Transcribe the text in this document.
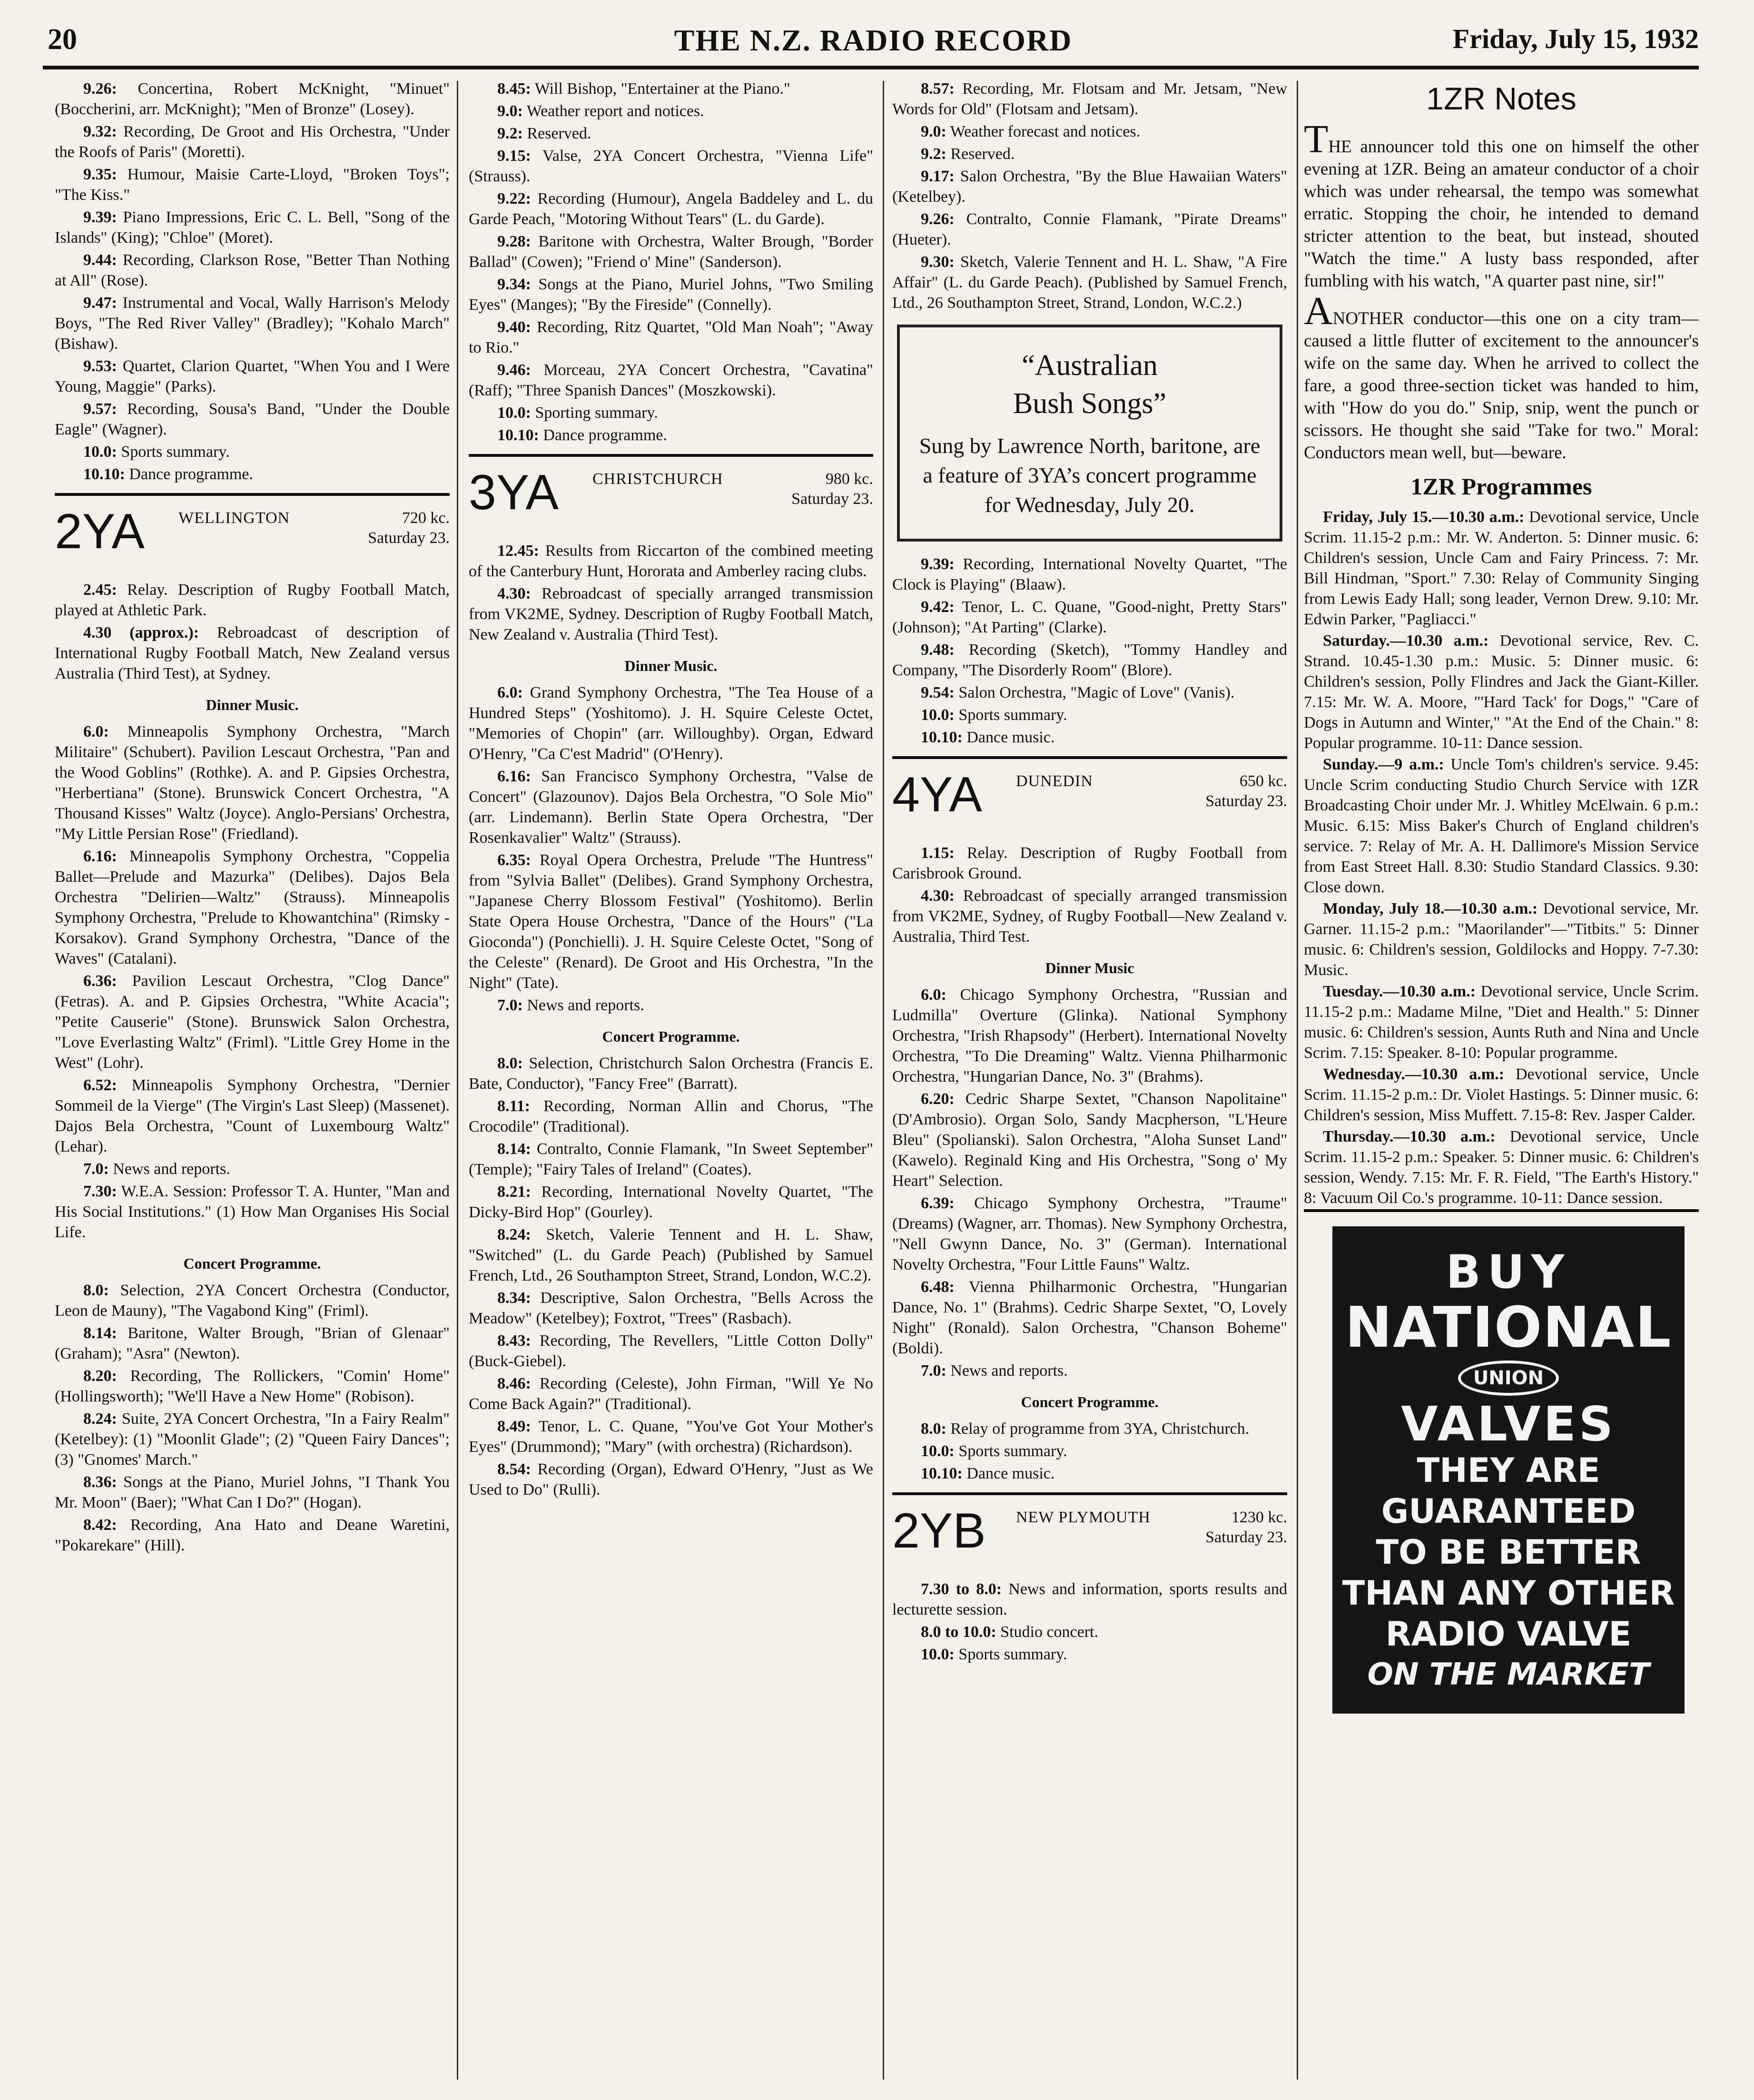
20	THE N.Z. RADIO RECORD	Friday, July 15, 1932

9.26: Concertina, Robert McKnight, "Minuet" (Boccherini, arr. McKnight); "Men of Bronze" (Losey).

9.32: Recording, De Groot and His Orchestra, "Under the Roofs of Paris" (Moretti).

9.35: Humour, Maisie Carte-Lloyd, "Broken Toys"; "The Kiss."

9.39: Piano Impressions, Eric C. L. Bell, "Song of the Islands" (King); "Chloe" (Moret).

9.44: Recording, Clarkson Rose, "Better Than Nothing at All" (Rose).

9.47: Instrumental and Vocal, Wally Harrison's Melody Boys, "The Red River Valley" (Bradley); "Kohalo March" (Bishaw).

9.53: Quartet, Clarion Quartet, "When You and I Were Young, Maggie" (Parks).

9.57: Recording, Sousa's Band, "Under the Double Eagle" (Wagner).

10.0: Sports summary.

10.10: Dance programme.

2YA WELLINGTON	720 kc.
Saturday 23.

2.45: Relay. Description of Rugby Football Match, played at Athletic Park.

4.30 (approx.): Rebroadcast of description of International Rugby Football Match, New Zealand versus Australia (Third Test), at Sydney.

Dinner Music.

6.0: Minneapolis Symphony Orchestra, "March Militaire" (Schubert). Pavilion Lescaut Orchestra, "Pan and the Wood Goblins" (Rothke). A. and P. Gipsies Orchestra, "Herbertiana" (Stone). Brunswick Concert Orchestra, "A Thousand Kisses" Waltz (Joyce). Anglo-Persians' Orchestra, "My Little Persian Rose" (Friedland).

6.16: Minneapolis Symphony Orchestra, "Coppelia Ballet—Prelude and Mazurka" (Delibes). Dajos Bela Orchestra "Delirien—Waltz" (Strauss). Minneapolis Symphony Orchestra, "Prelude to Khowantchina" (Rimsky - Korsakov). Grand Symphony Orchestra, "Dance of the Waves" (Catalani).

6.36: Pavilion Lescaut Orchestra, "Clog Dance" (Fetras). A. and P. Gipsies Orchestra, "White Acacia"; "Petite Causerie" (Stone). Brunswick Salon Orchestra, "Love Everlasting Waltz" (Friml). "Little Grey Home in the West" (Lohr).

6.52: Minneapolis Symphony Orchestra, "Dernier Sommeil de la Vierge" (The Virgin's Last Sleep) (Massenet). Dajos Bela Orchestra, "Count of Luxembourg Waltz" (Lehar).

7.0: News and reports.

7.30: W.E.A. Session: Professor T. A. Hunter, "Man and His Social Institutions." (1) How Man Organises His Social Life.

Concert Programme.

8.0: Selection, 2YA Concert Orchestra (Conductor, Leon de Mauny), "The Vagabond King" (Friml).

8.14: Baritone, Walter Brough, "Brian of Glenaar" (Graham); "Asra" (Newton).

8.20: Recording, The Rollickers, "Comin' Home" (Hollingsworth); "We'll Have a New Home" (Robison).

8.24: Suite, 2YA Concert Orchestra, "In a Fairy Realm" (Ketelbey): (1) "Moonlit Glade"; (2) "Queen Fairy Dances"; (3) "Gnomes' March."

8.36: Songs at the Piano, Muriel Johns, "I Thank You Mr. Moon" (Baer); "What Can I Do?" (Hogan).

8.42: Recording, Ana Hato and Deane Waretini, "Pokarekare" (Hill).

8.45: Will Bishop, "Entertainer at the Piano."

9.0: Weather report and notices.

9.2: Reserved.

9.15: Valse, 2YA Concert Orchestra, "Vienna Life" (Strauss).

9.22: Recording (Humour), Angela Baddeley and L. du Garde Peach, "Motoring Without Tears" (L. du Garde).

9.28: Baritone with Orchestra, Walter Brough, "Border Ballad" (Cowen); "Friend o' Mine" (Sanderson).

9.34: Songs at the Piano, Muriel Johns, "Two Smiling Eyes" (Manges); "By the Fireside" (Connelly).

9.40: Recording, Ritz Quartet, "Old Man Noah"; "Away to Rio."

9.46: Morceau, 2YA Concert Orchestra, "Cavatina" (Raff); "Three Spanish Dances" (Moszkowski).

10.0: Sporting summary.

10.10: Dance programme.

3YA CHRISTCHURCH	980 kc.
Saturday 23.

12.45: Results from Riccarton of the combined meeting of the Canterbury Hunt, Hororata and Amberley racing clubs.

4.30: Rebroadcast of specially arranged transmission from VK2ME, Sydney. Description of Rugby Football Match, New Zealand v. Australia (Third Test).

Dinner Music.

6.0: Grand Symphony Orchestra, "The Tea House of a Hundred Steps" (Yoshitomo). J. H. Squire Celeste Octet, "Memories of Chopin" (arr. Willoughby). Organ, Edward O'Henry, "Ca C'est Madrid" (O'Henry).

6.16: San Francisco Symphony Orchestra, "Valse de Concert" (Glazounov). Dajos Bela Orchestra, "O Sole Mio" (arr. Lindemann). Berlin State Opera Orchestra, "Der Rosenkavalier" Waltz" (Strauss).

6.35: Royal Opera Orchestra, Prelude "The Huntress" from "Sylvia Ballet" (Delibes). Grand Symphony Orchestra, "Japanese Cherry Blossom Festival" (Yoshitomo). Berlin State Opera House Orchestra, "Dance of the Hours" ("La Gioconda") (Ponchielli). J. H. Squire Celeste Octet, "Song of the Celeste" (Renard). De Groot and His Orchestra, "In the Night" (Tate).

7.0: News and reports.

Concert Programme.

8.0: Selection, Christchurch Salon Orchestra (Francis E. Bate, Conductor), "Fancy Free" (Barratt).

8.11: Recording, Norman Allin and Chorus, "The Crocodile" (Traditional).

8.14: Contralto, Connie Flamank, "In Sweet September" (Temple); "Fairy Tales of Ireland" (Coates).

8.21: Recording, International Novelty Quartet, "The Dicky-Bird Hop" (Gourley).

8.24: Sketch, Valerie Tennent and H. L. Shaw, "Switched" (L. du Garde Peach) (Published by Samuel French, Ltd., 26 Southampton Street, Strand, London, W.C.2).

8.34: Descriptive, Salon Orchestra, "Bells Across the Meadow" (Ketelbey); Foxtrot, "Trees" (Rasbach).

8.43: Recording, The Revellers, "Little Cotton Dolly" (Buck-Giebel).

8.46: Recording (Celeste), John Firman, "Will Ye No Come Back Again?" (Traditional).

8.49: Tenor, L. C. Quane, "You've Got Your Mother's Eyes" (Drummond); "Mary" (with orchestra) (Richardson).

8.54: Recording (Organ), Edward O'Henry, "Just as We Used to Do" (Rulli).

8.57: Recording, Mr. Flotsam and Mr. Jetsam, "New Words for Old" (Flotsam and Jetsam).

9.0: Weather forecast and notices.

9.2: Reserved.

9.17: Salon Orchestra, "By the Blue Hawaiian Waters" (Ketelbey).

9.26: Contralto, Connie Flamank, "Pirate Dreams" (Hueter).

9.30: Sketch, Valerie Tennent and H. L. Shaw, "A Fire Affair" (L. du Garde Peach). (Published by Samuel French, Ltd., 26 Southampton Street, Strand, London, W.C.2.)

“Australian
Bush Songs”
Sung by Lawrence North, baritone, are a feature of 3YA’s concert programme for Wednesday, July 20.

9.39: Recording, International Novelty Quartet, "The Clock is Playing" (Blaaw).

9.42: Tenor, L. C. Quane, "Good-night, Pretty Stars" (Johnson); "At Parting" (Clarke).

9.48: Recording (Sketch), "Tommy Handley and Company, "The Disorderly Room" (Blore).

9.54: Salon Orchestra, "Magic of Love" (Vanis).

10.0: Sports summary.

10.10: Dance music.

4YA DUNEDIN	650 kc.
Saturday 23.

1.15: Relay. Description of Rugby Football from Carisbrook Ground.

4.30: Rebroadcast of specially arranged transmission from VK2ME, Sydney, of Rugby Football—New Zealand v. Australia, Third Test.

Dinner Music

6.0: Chicago Symphony Orchestra, "Russian and Ludmilla" Overture (Glinka). National Symphony Orchestra, "Irish Rhapsody" (Herbert). International Novelty Orchestra, "To Die Dreaming" Waltz. Vienna Philharmonic Orchestra, "Hungarian Dance, No. 3" (Brahms).

6.20: Cedric Sharpe Sextet, "Chanson Napolitaine" (D'Ambrosio). Organ Solo, Sandy Macpherson, "L'Heure Bleu" (Spolianski). Salon Orchestra, "Aloha Sunset Land" (Kawelo). Reginald King and His Orchestra, "Song o' My Heart" Selection.

6.39: Chicago Symphony Orchestra, "Traume" (Dreams) (Wagner, arr. Thomas). New Symphony Orchestra, "Nell Gwynn Dance, No. 3" (German). International Novelty Orchestra, "Four Little Fauns" Waltz.

6.48: Vienna Philharmonic Orchestra, "Hungarian Dance, No. 1" (Brahms). Cedric Sharpe Sextet, "O, Lovely Night" (Ronald). Salon Orchestra, "Chanson Boheme" (Boldi).

7.0: News and reports.

Concert Programme.

8.0: Relay of programme from 3YA, Christchurch.

10.0: Sports summary.

10.10: Dance music.

2YB NEW PLYMOUTH	1230 kc.
Saturday 23.

7.30 to 8.0: News and information, sports results and lecturette session.

8.0 to 10.0: Studio concert.

10.0: Sports summary.

1ZR Notes

THE announcer told this one on himself the other evening at 1ZR. Being an amateur conductor of a choir which was under rehearsal, the tempo was somewhat erratic. Stopping the choir, he intended to demand stricter attention to the beat, but instead, shouted "Watch the time." A lusty bass responded, after fumbling with his watch, "A quarter past nine, sir!"

ANOTHER conductor—this one on a city tram—caused a little flutter of excitement to the announcer's wife on the same day. When he arrived to collect the fare, a good three-section ticket was handed to him, with "How do you do." Snip, snip, went the punch or scissors. He thought she said "Take for two." Moral: Conductors mean well, but—beware.

1ZR Programmes

Friday, July 15.—10.30 a.m.: Devotional service, Uncle Scrim. 11.15-2 p.m.: Mr. W. Anderton. 5: Dinner music. 6: Children's session, Uncle Cam and Fairy Princess. 7: Mr. Bill Hindman, "Sport." 7.30: Relay of Community Singing from Lewis Eady Hall; song leader, Vernon Drew. 9.10: Mr. Edwin Parker, "Pagliacci."

Saturday.—10.30 a.m.: Devotional service, Rev. C. Strand. 10.45-1.30 p.m.: Music. 5: Dinner music. 6: Children's session, Polly Flindres and Jack the Giant-Killer. 7.15: Mr. W. A. Moore, "'Hard Tack' for Dogs," "Care of Dogs in Autumn and Winter," "At the End of the Chain." 8: Popular programme. 10-11: Dance session.

Sunday.—9 a.m.: Uncle Tom's children's service. 9.45: Uncle Scrim conducting Studio Church Service with 1ZR Broadcasting Choir under Mr. J. Whitley McElwain. 6 p.m.: Music. 6.15: Miss Baker's Church of England children's service. 7: Relay of Mr. A. H. Dallimore's Mission Service from East Street Hall. 8.30: Studio Standard Classics. 9.30: Close down.

Monday, July 18.—10.30 a.m.: Devotional service, Mr. Garner. 11.15-2 p.m.: "Maorilander"—"Titbits." 5: Dinner music. 6: Children's session, Goldilocks and Hoppy. 7-7.30: Music.

Tuesday.—10.30 a.m.: Devotional service, Uncle Scrim. 11.15-2 p.m.: Madame Milne, "Diet and Health." 5: Dinner music. 6: Children's session, Aunts Ruth and Nina and Uncle Scrim. 7.15: Speaker. 8-10: Popular programme.

Wednesday.—10.30 a.m.: Devotional service, Uncle Scrim. 11.15-2 p.m.: Dr. Violet Hastings. 5: Dinner music. 6: Children's session, Miss Muffett. 7.15-8: Rev. Jasper Calder.

Thursday.—10.30 a.m.: Devotional service, Uncle Scrim. 11.15-2 p.m.: Speaker. 5: Dinner music. 6: Children's session, Wendy. 7.15: Mr. F. R. Field, "The Earth's History." 8: Vacuum Oil Co.'s programme. 10-11: Dance session.

BUY
NATIONAL
UNION
VALVES
THEY ARE
GUARANTEED
TO BE BETTER
THAN ANY OTHER
RADIO VALVE
ON THE MARKET
